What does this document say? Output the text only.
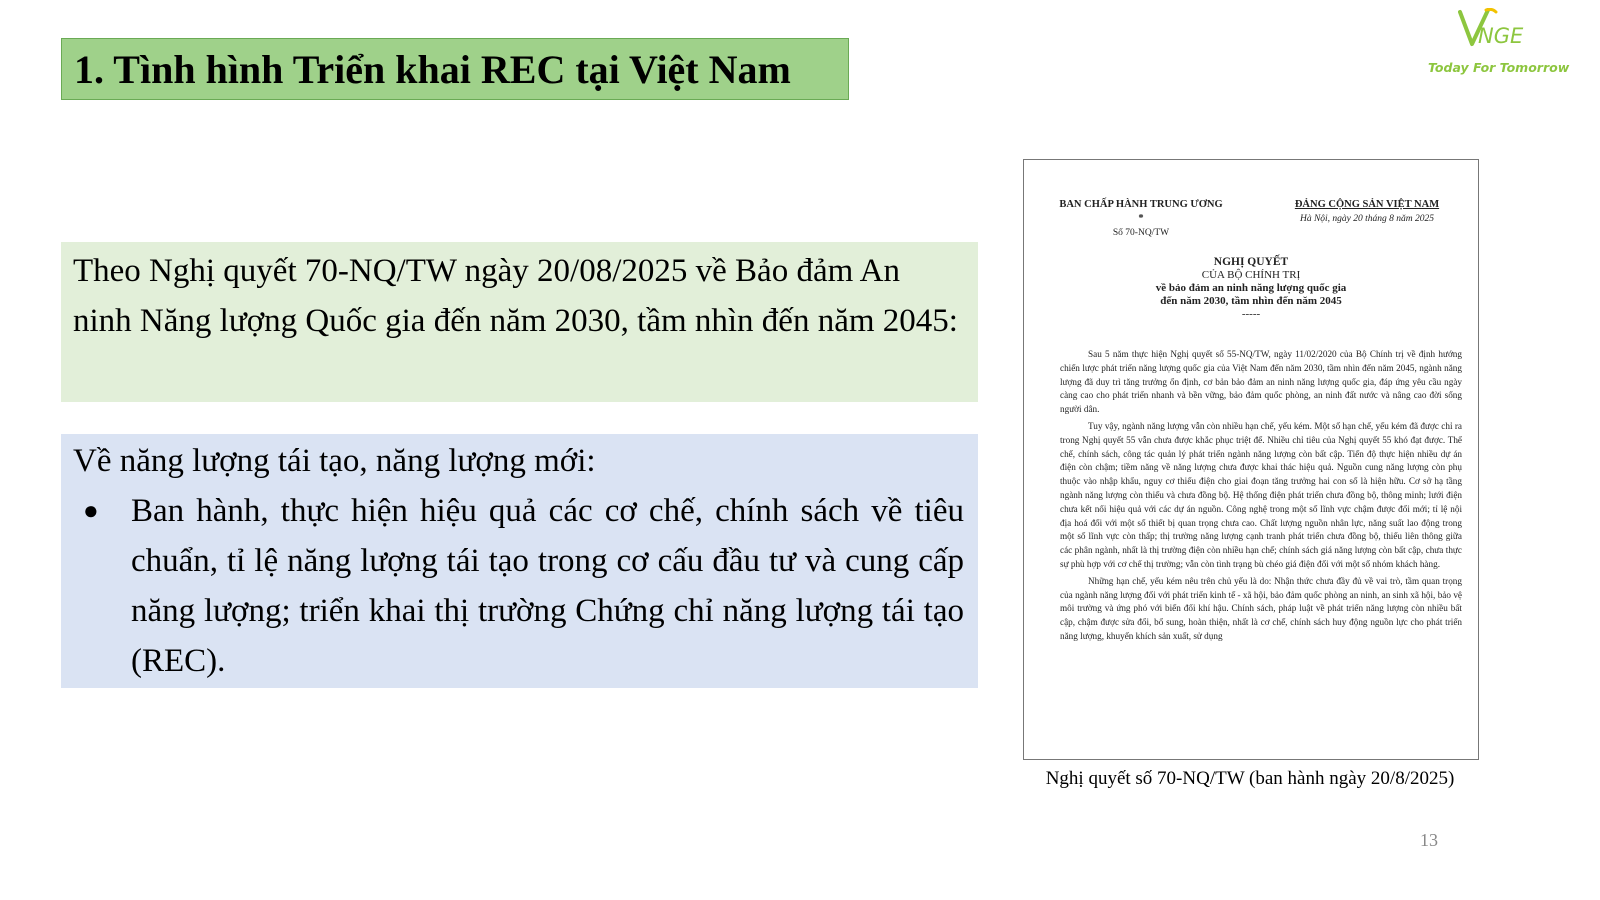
1. Tình hình Triển khai REC tại Việt Nam
NGE
Today For Tomorrow
Theo Nghị quyết 70-NQ/TW ngày 20/08/2025 về Bảo đảm An ninh Năng lượng Quốc gia đến năm 2030, tầm nhìn đến năm 2045:
Về năng lượng tái tạo, năng lượng mới:
● Ban hành, thực hiện hiệu quả các cơ chế, chính sách về tiêu chuẩn, tỉ lệ năng lượng tái tạo trong cơ cấu đầu tư và cung cấp năng lượng; triển khai thị trường Chứng chỉ năng lượng tái tạo (REC).
BAN CHẤP HÀNH TRUNG ƯƠNG
*
Số 70-NQ/TW
ĐẢNG CỘNG SẢN VIỆT NAM
Hà Nội, ngày 20 tháng 8 năm 2025
NGHỊ QUYẾT
CỦA BỘ CHÍNH TRỊ
về bảo đảm an ninh năng lượng quốc gia
đến năm 2030, tầm nhìn đến năm 2045
-----

Sau 5 năm thực hiện Nghị quyết số 55-NQ/TW, ngày 11/02/2020 của Bộ Chính trị về định hướng chiến lược phát triển năng lượng quốc gia của Việt Nam đến năm 2030, tầm nhìn đến năm 2045, ngành năng lượng đã duy trì tăng trưởng ổn định, cơ bản bảo đảm an ninh năng lượng quốc gia, đáp ứng yêu cầu ngày càng cao cho phát triển nhanh và bền vững, bảo đảm quốc phòng, an ninh đất nước và nâng cao đời sống người dân.

Tuy vậy, ngành năng lượng vẫn còn nhiều hạn chế, yếu kém. Một số hạn chế, yếu kém đã được chỉ ra trong Nghị quyết 55 vẫn chưa được khắc phục triệt để. Nhiều chỉ tiêu của Nghị quyết 55 khó đạt được. Thể chế, chính sách, công tác quản lý phát triển ngành năng lượng còn bất cập. Tiến độ thực hiện nhiều dự án điện còn chậm; tiềm năng về năng lượng chưa được khai thác hiệu quả. Nguồn cung năng lượng còn phụ thuộc vào nhập khẩu, nguy cơ thiếu điện cho giai đoạn tăng trưởng hai con số là hiện hữu. Cơ sở hạ tầng ngành năng lượng còn thiếu và chưa đồng bộ. Hệ thống điện phát triển chưa đồng bộ, thông minh; lưới điện chưa kết nối hiệu quả với các dự án nguồn. Công nghệ trong một số lĩnh vực chậm được đổi mới; tỉ lệ nội địa hoá đối với một số thiết bị quan trọng chưa cao. Chất lượng nguồn nhân lực, năng suất lao động trong một số lĩnh vực còn thấp; thị trường năng lượng cạnh tranh phát triển chưa đồng bộ, thiếu liên thông giữa các phân ngành, nhất là thị trường điện còn nhiều hạn chế; chính sách giá năng lượng còn bất cập, chưa thực sự phù hợp với cơ chế thị trường; vẫn còn tình trạng bù chéo giá điện đối với một số nhóm khách hàng.

Những hạn chế, yếu kém nêu trên chủ yếu là do: Nhận thức chưa đầy đủ về vai trò, tầm quan trọng của ngành năng lượng đối với phát triển kinh tế - xã hội, bảo đảm quốc phòng an ninh, an sinh xã hội, bảo vệ môi trường và ứng phó với biến đổi khí hậu. Chính sách, pháp luật về phát triển năng lượng còn nhiều bất cập, chậm được sửa đổi, bổ sung, hoàn thiện, nhất là cơ chế, chính sách huy động nguồn lực cho phát triển năng lượng, khuyến khích sản xuất, sử dụng

Nghị quyết số 70-NQ/TW (ban hành ngày 20/8/2025)
13
